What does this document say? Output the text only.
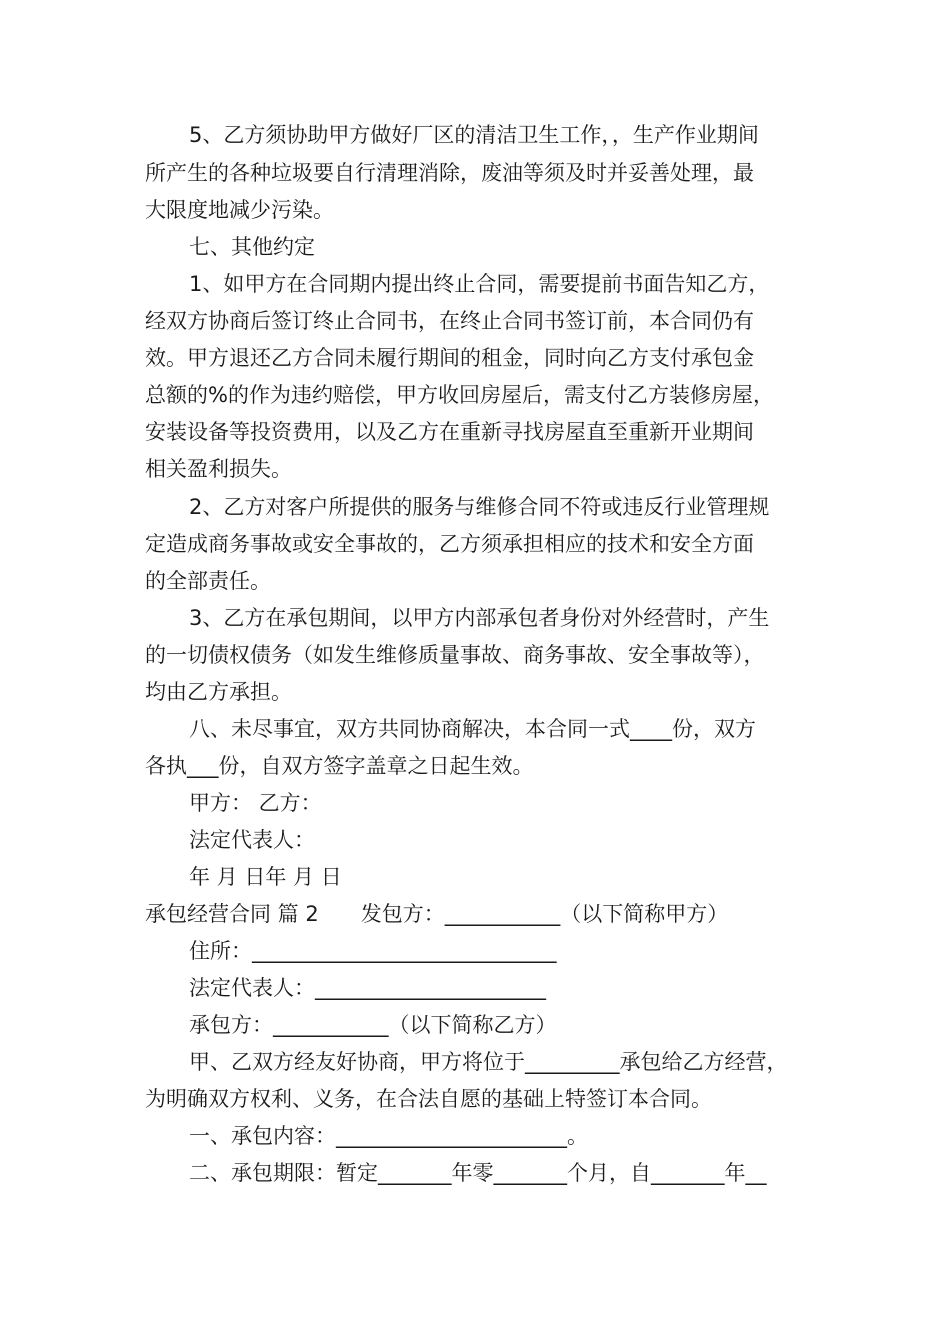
5、乙方须协助甲方做好厂区的清洁卫生工作，，生产作业期间
所产生的各种垃圾要自行清理消除，废油等须及时并妥善处理，最
大限度地减少污染。
七、其他约定
1、如甲方在合同期内提出终止合同，需要提前书面告知乙方，
经双方协商后签订终止合同书，在终止合同书签订前，本合同仍有
效。甲方退还乙方合同未履行期间的租金，同时向乙方支付承包金
总额的%的作为违约赔偿，甲方收回房屋后，需支付乙方装修房屋，
安装设备等投资费用，以及乙方在重新寻找房屋直至重新开业期间
相关盈利损失。
2、乙方对客户所提供的服务与维修合同不符或违反行业管理规
定造成商务事故或安全事故的，乙方须承担相应的技术和安全方面
的全部责任。
3、乙方在承包期间，以甲方内部承包者身份对外经营时，产生
的一切债权债务（如发生维修质量事故、商务事故、安全事故等），
均由乙方承担。
八、未尽事宜，双方共同协商解决，本合同一式____份，双方
各执___份，自双方签字盖章之日起生效。
甲方： 乙方：
法定代表人：
年 月 日年 月 日
承包经营合同 篇 2　　发包方：___________（以下简称甲方）
住所：_____________________________
法定代表人：______________________
承包方：___________（以下简称乙方）
甲、乙双方经友好协商，甲方将位于_________承包给乙方经营，
为明确双方权利、义务，在合法自愿的基础上特签订本合同。
一、承包内容：______________________。
二、承包期限：暂定_______年零_______个月，自_______年__
